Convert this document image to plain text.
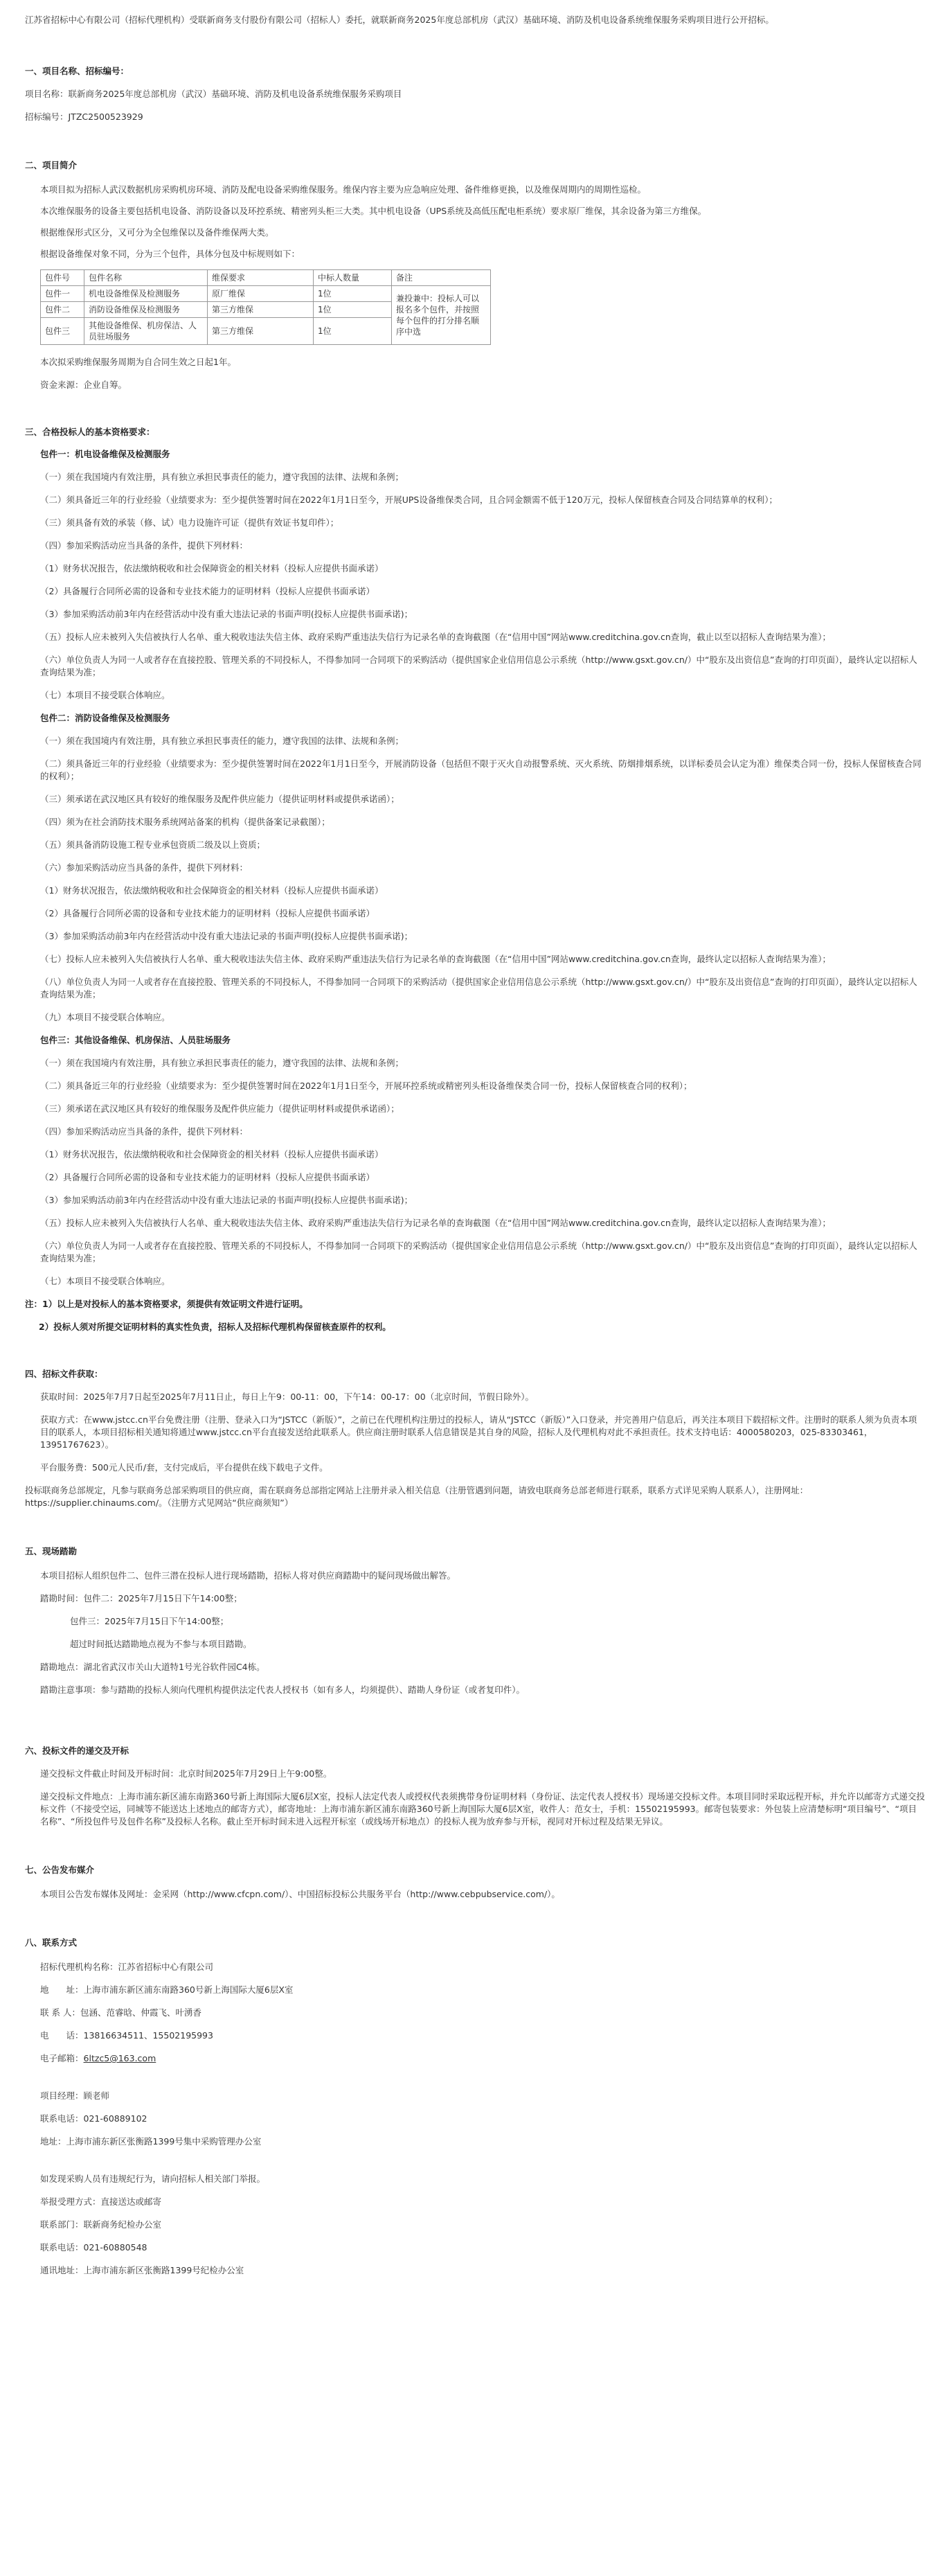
江苏省招标中心有限公司（招标代理机构）受联新商务支付股份有限公司（招标人）委托，就联新商务2025年度总部机房（武汉）基础环境、消防及机电设备系统维保服务采购项目进行公开招标。

一、项目名称、招标编号：

项目名称：联新商务2025年度总部机房（武汉）基础环境、消防及机电设备系统维保服务采购项目

招标编号：JTZC2500523929

二、项目简介

本项目拟为招标人武汉数据机房采购机房环境、消防及配电设备采购维保服务。维保内容主要为应急响应处理、备件维修更换，以及维保周期内的周期性巡检。

本次维保服务的设备主要包括机电设备、消防设备以及环控系统、精密列头柜三大类。其中机电设备（UPS系统及高低压配电柜系统）要求原厂维保，其余设备为第三方维保。

根据维保形式区分，又可分为全包维保以及备件维保两大类。

根据设备维保对象不同，分为三个包件，具体分包及中标规则如下：

包件号	包件名称	维保要求	中标人数量	备注
包件一	机电设备维保及检测服务	原厂维保	1位	兼投兼中：投标人可以报名多个包件，并按照每个包件的打分排名顺序中选
包件二	消防设备维保及检测服务	第三方维保	1位	
包件三	其他设备维保、机房保洁、人员驻场服务	第三方维保	1位	

本次拟采购维保服务周期为自合同生效之日起1年。

资金来源：企业自筹。

三、合格投标人的基本资格要求：

包件一：机电设备维保及检测服务

（一）须在我国境内有效注册，具有独立承担民事责任的能力，遵守我国的法律、法规和条例；

（二）须具备近三年的行业经验（业绩要求为：至少提供签署时间在2022年1月1日至今，开展UPS设备维保类合同，且合同金额需不低于120万元，投标人保留核查合同及合同结算单的权利）；

（三）须具备有效的承装（修、试）电力设施许可证（提供有效证书复印件）；

（四）参加采购活动应当具备的条件，提供下列材料：

（1）财务状况报告，依法缴纳税收和社会保障资金的相关材料（投标人应提供书面承诺）

（2）具备履行合同所必需的设备和专业技术能力的证明材料（投标人应提供书面承诺）

（3）参加采购活动前3年内在经营活动中没有重大违法记录的书面声明(投标人应提供书面承诺)；

（五）投标人应未被列入失信被执行人名单、重大税收违法失信主体、政府采购严重违法失信行为记录名单的查询截图（在“信用中国”网站www.creditchina.gov.cn查询，截止以至以招标人查询结果为准）；

（六）单位负责人为同一人或者存在直接控股、管理关系的不同投标人，不得参加同一合同项下的采购活动（提供国家企业信用信息公示系统（http://www.gsxt.gov.cn/）中“股东及出资信息”查询的打印页面），最终认定以招标人查询结果为准；

（七）本项目不接受联合体响应。

包件二：消防设备维保及检测服务

（一）须在我国境内有效注册，具有独立承担民事责任的能力，遵守我国的法律、法规和条例；

（二）须具备近三年的行业经验（业绩要求为：至少提供签署时间在2022年1月1日至今，开展消防设备（包括但不限于灭火自动报警系统、灭火系统、防烟排烟系统，以详标委员会认定为准）维保类合同一份，投标人保留核查合同的权利）；

（三）须承诺在武汉地区具有较好的维保服务及配件供应能力（提供证明材料或提供承诺函）；

（四）须为在社会消防技术服务系统网站备案的机构（提供备案记录截图）；

（五）须具备消防设施工程专业承包资质二级及以上资质；

（六）参加采购活动应当具备的条件，提供下列材料：

（1）财务状况报告，依法缴纳税收和社会保障资金的相关材料（投标人应提供书面承诺）

（2）具备履行合同所必需的设备和专业技术能力的证明材料（投标人应提供书面承诺）

（3）参加采购活动前3年内在经营活动中没有重大违法记录的书面声明(投标人应提供书面承诺)；

（七）投标人应未被列入失信被执行人名单、重大税收违法失信主体、政府采购严重违法失信行为记录名单的查询截图（在“信用中国”网站www.creditchina.gov.cn查询，最终认定以招标人查询结果为准）；

（八）单位负责人为同一人或者存在直接控股、管理关系的不同投标人，不得参加同一合同项下的采购活动（提供国家企业信用信息公示系统（http://www.gsxt.gov.cn/）中“股东及出资信息”查询的打印页面），最终认定以招标人查询结果为准；

（九）本项目不接受联合体响应。

包件三：其他设备维保、机房保洁、人员驻场服务

（一）须在我国境内有效注册，具有独立承担民事责任的能力，遵守我国的法律、法规和条例；

（二）须具备近三年的行业经验（业绩要求为：至少提供签署时间在2022年1月1日至今，开展环控系统或精密列头柜设备维保类合同一份，投标人保留核查合同的权利）；

（三）须承诺在武汉地区具有较好的维保服务及配件供应能力（提供证明材料或提供承诺函）；

（四）参加采购活动应当具备的条件，提供下列材料：

（1）财务状况报告，依法缴纳税收和社会保障资金的相关材料（投标人应提供书面承诺）

（2）具备履行合同所必需的设备和专业技术能力的证明材料（投标人应提供书面承诺）

（3）参加采购活动前3年内在经营活动中没有重大违法记录的书面声明(投标人应提供书面承诺)；

（五）投标人应未被列入失信被执行人名单、重大税收违法失信主体、政府采购严重违法失信行为记录名单的查询截图（在“信用中国”网站www.creditchina.gov.cn查询，最终认定以招标人查询结果为准）；

（六）单位负责人为同一人或者存在直接控股、管理关系的不同投标人，不得参加同一合同项下的采购活动（提供国家企业信用信息公示系统（http://www.gsxt.gov.cn/）中“股东及出资信息”查询的打印页面），最终认定以招标人查询结果为准；

（七）本项目不接受联合体响应。

注：1）以上是对投标人的基本资格要求，须提供有效证明文件进行证明。

2）投标人须对所提交证明材料的真实性负责，招标人及招标代理机构保留核查原件的权利。

四、招标文件获取：

获取时间：2025年7月7日起至2025年7月11日止，每日上午9：00-11：00，下午14：00-17：00（北京时间，节假日除外）。

获取方式：在www.jstcc.cn平台免费注册（注册、登录入口为“JSTCC（新版）”，之前已在代理机构注册过的投标人，请从“JSTCC（新版）”入口登录，并完善用户信息后，再关注本项目下载招标文件。注册时的联系人须为负责本项目的联系人，本项目招标相关通知将通过www.jstcc.cn平台直接发送给此联系人。供应商注册时联系人信息错误是其自身的风险，招标人及代理机构对此不承担责任。技术支持电话：4000580203，025-83303461，13951767623）。

平台服务费：500元人民币/套，支付完成后，平台提供在线下载电子文件。

投标联商务总部规定，凡参与联商务总部采购项目的供应商，需在联商务总部指定网站上注册并录入相关信息（注册管遇到问题，请致电联商务总部老师进行联系，联系方式详见采购人联系人），注册网址：https://supplier.chinaums.com/。（注册方式见网站“供应商须知”）

五、现场踏勘

本项目招标人组织包件二、包件三潜在投标人进行现场踏勘，招标人将对供应商踏勘中的疑问现场做出解答。

踏勘时间：包件二：2025年7月15日下午14:00整；

包件三：2025年7月15日下午14:00整；

超过时间抵达踏勘地点视为不参与本项目踏勘。

踏勘地点：湖北省武汉市关山大道特1号光谷软件园C4栋。

踏勘注意事项：参与踏勘的投标人须向代理机构提供法定代表人授权书（如有多人，均须提供）、踏勘人身份证（或者复印件）。

六、投标文件的递交及开标

递交投标文件截止时间及开标时间：北京时间2025年7月29日上午9:00整。

递交投标文件地点：上海市浦东新区浦东南路360号新上海国际大厦6层X室，投标人法定代表人或授权代表须携带身份证明材料（身份证、法定代表人授权书）现场递交投标文件。本项目同时采取远程开标，并允许以邮寄方式递交投标文件（不接受空运，同城等不能送达上述地点的邮寄方式），邮寄地址：上海市浦东新区浦东南路360号新上海国际大厦6层X室，收件人：范女士，手机：15502195993。邮寄包装要求：外包装上应清楚标明“项目编号”、“项目名称”、“所投包件号及包件名称”及投标人名称。截止至开标时间未进入远程开标室（或线场开标地点）的投标人视为放弃参与开标，视同对开标过程及结果无异议。

七、公告发布媒介

本项目公告发布媒体及网址：金采网（http://www.cfcpn.com/）、中国招标投标公共服务平台（http://www.cebpubservice.com/）。

八、联系方式

招标代理机构名称：江苏省招标中心有限公司

地　　址：上海市浦东新区浦东南路360号新上海国际大厦6层X室

联 系 人：包涵、范睿晗、仲霞飞、叶湧香

电　　话：13816634511、15502195993

电子邮箱：6ltzc5@163.com

项目经理：顾老师

联系电话：021-60889102

地址：上海市浦东新区张衡路1399号集中采购管理办公室

如发现采购人员有违规纪行为，请向招标人相关部门举报。

举报受理方式：直接送达或邮寄

联系部门：联新商务纪检办公室

联系电话：021-60880548

通讯地址：上海市浦东新区张衡路1399号纪检办公室
